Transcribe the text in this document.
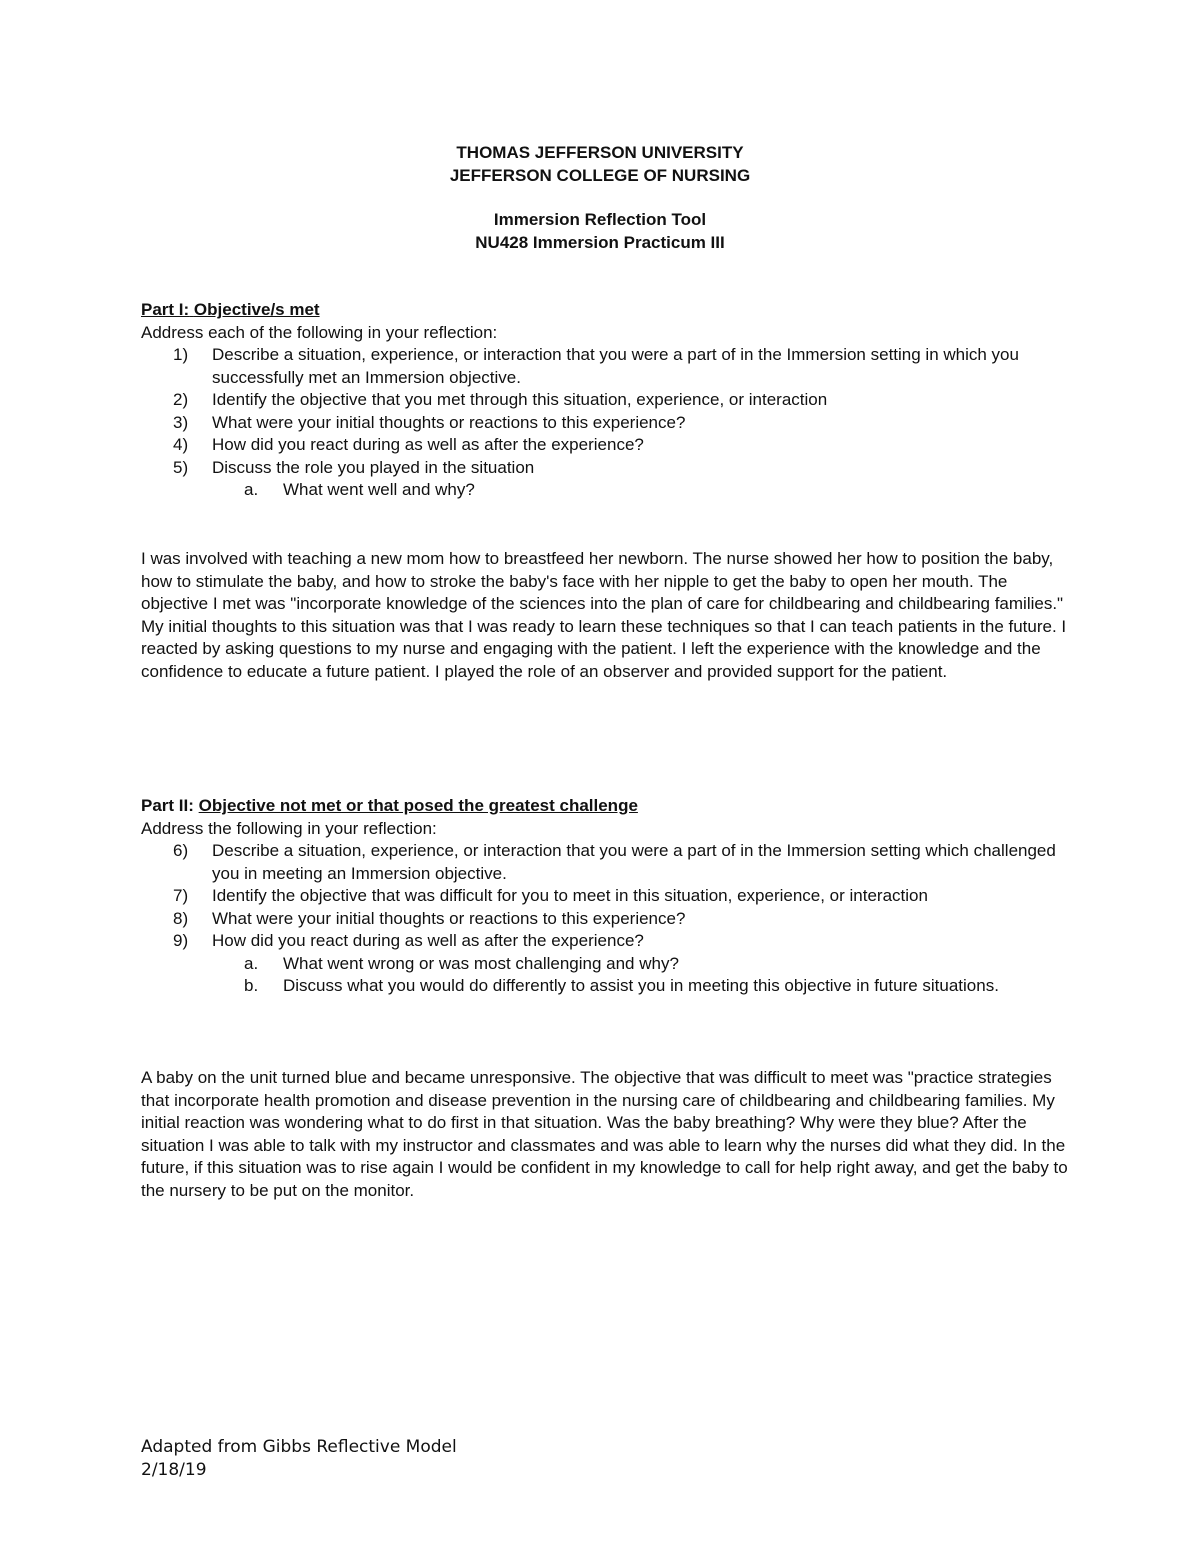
THOMAS JEFFERSON UNIVERSITY
JEFFERSON COLLEGE OF NURSING
Immersion Reflection Tool
NU428 Immersion Practicum III

Part I: Objective/s met

Address each of the following in your reflection:

1) Describe a situation, experience, or interaction that you were a part of in the Immersion setting in which you successfully met an Immersion objective.
2) Identify the objective that you met through this situation, experience, or interaction
3) What were your initial thoughts or reactions to this experience?
4) How did you react during as well as after the experience?
5) Discuss the role you played in the situation
a. What went well and why?

I was involved with teaching a new mom how to breastfeed her newborn. The nurse showed her how to position the baby, how to stimulate the baby, and how to stroke the baby's face with her nipple to get the baby to open her mouth. The objective I met was "incorporate knowledge of the sciences into the plan of care for childbearing and childbearing families." My initial thoughts to this situation was that I was ready to learn these techniques so that I can teach patients in the future. I reacted by asking questions to my nurse and engaging with the patient. I left the experience with the knowledge and the confidence to educate a future patient. I played the role of an observer and provided support for the patient.

Part II: Objective not met or that posed the greatest challenge

Address the following in your reflection:

6) Describe a situation, experience, or interaction that you were a part of in the Immersion setting which challenged you in meeting an Immersion objective.
7) Identify the objective that was difficult for you to meet in this situation, experience, or interaction
8) What were your initial thoughts or reactions to this experience?
9) How did you react during as well as after the experience?
a. What went wrong or was most challenging and why?
b. Discuss what you would do differently to assist you in meeting this objective in future situations.

A baby on the unit turned blue and became unresponsive. The objective that was difficult to meet was "practice strategies that incorporate health promotion and disease prevention in the nursing care of childbearing and childbearing families. My initial reaction was wondering what to do first in that situation. Was the baby breathing? Why were they blue? After the situation I was able to talk with my instructor and classmates and was able to learn why the nurses did what they did. In the future, if this situation was to rise again I would be confident in my knowledge to call for help right away, and get the baby to the nursery to be put on the monitor.

Adapted from Gibbs Reflective Model
2/18/19
